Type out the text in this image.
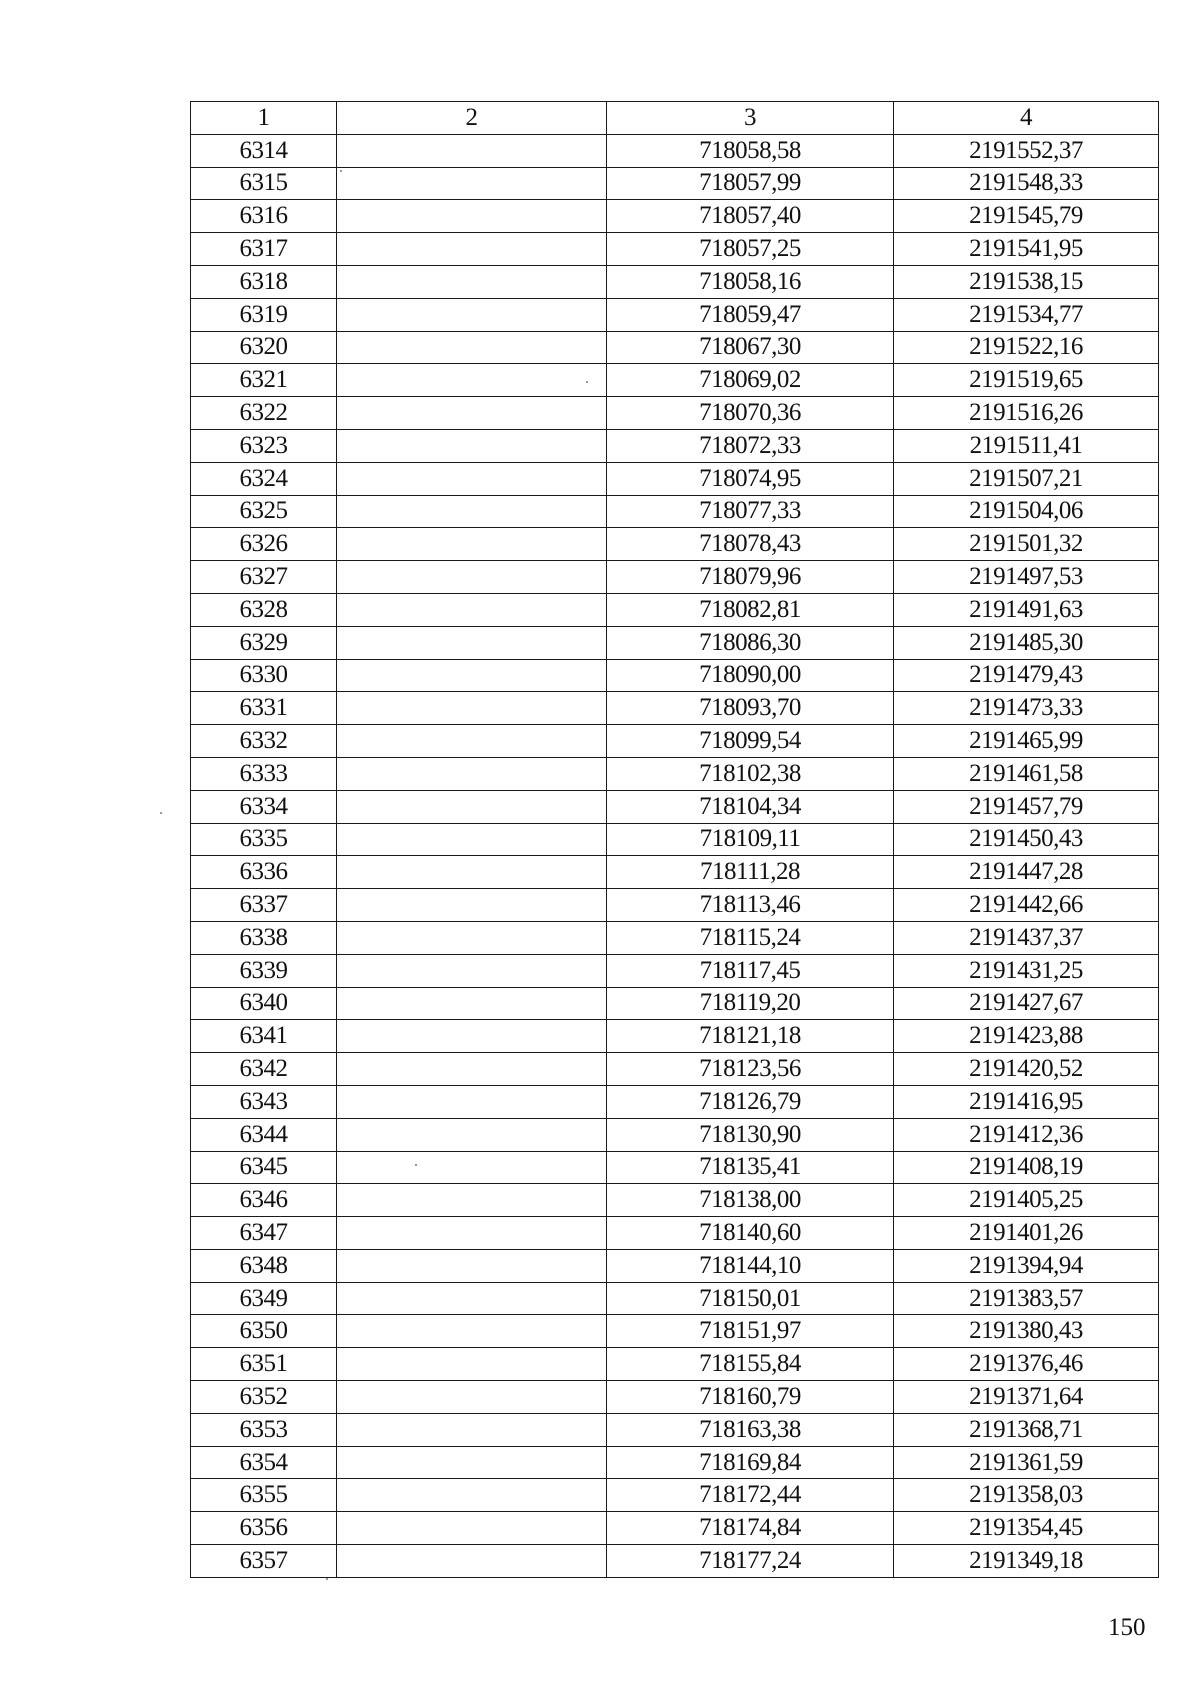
1	2	3	4
6314		718058,58	2191552,37
6315		718057,99	2191548,33
6316		718057,40	2191545,79
6317		718057,25	2191541,95
6318		718058,16	2191538,15
6319		718059,47	2191534,77
6320		718067,30	2191522,16
6321		718069,02	2191519,65
6322		718070,36	2191516,26
6323		718072,33	2191511,41
6324		718074,95	2191507,21
6325		718077,33	2191504,06
6326		718078,43	2191501,32
6327		718079,96	2191497,53
6328		718082,81	2191491,63
6329		718086,30	2191485,30
6330		718090,00	2191479,43
6331		718093,70	2191473,33
6332		718099,54	2191465,99
6333		718102,38	2191461,58
6334		718104,34	2191457,79
6335		718109,11	2191450,43
6336		718111,28	2191447,28
6337		718113,46	2191442,66
6338		718115,24	2191437,37
6339		718117,45	2191431,25
6340		718119,20	2191427,67
6341		718121,18	2191423,88
6342		718123,56	2191420,52
6343		718126,79	2191416,95
6344		718130,90	2191412,36
6345		718135,41	2191408,19
6346		718138,00	2191405,25
6347		718140,60	2191401,26
6348		718144,10	2191394,94
6349		718150,01	2191383,57
6350		718151,97	2191380,43
6351		718155,84	2191376,46
6352		718160,79	2191371,64
6353		718163,38	2191368,71
6354		718169,84	2191361,59
6355		718172,44	2191358,03
6356		718174,84	2191354,45
6357		718177,24	2191349,18
150
